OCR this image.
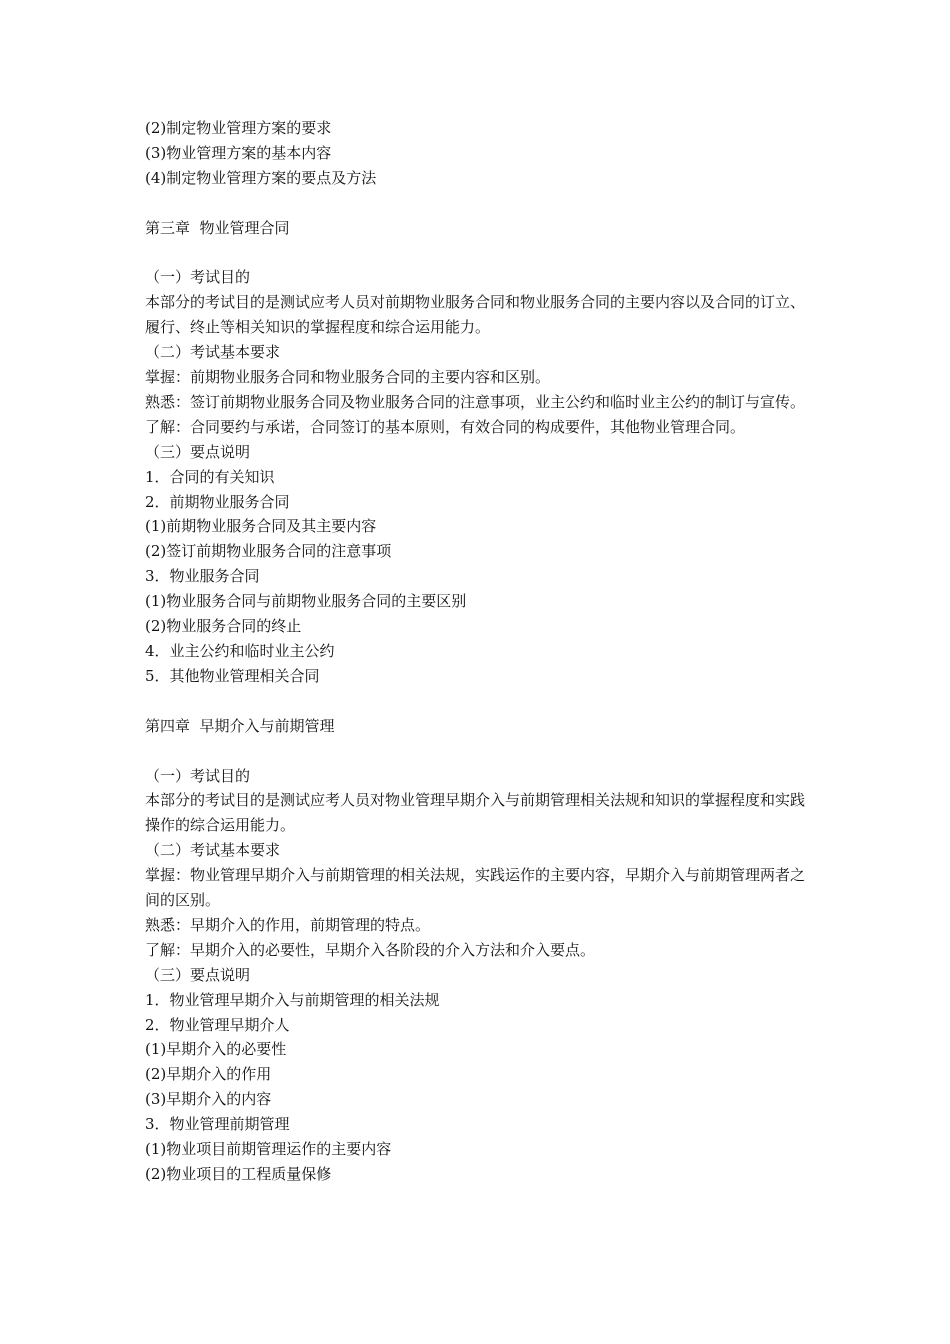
(2)制定物业管理方案的要求

(3)物业管理方案的基本内容

(4)制定物业管理方案的要点及方法

第三章  物业管理合同

（一）考试目的

本部分的考试目的是测试应考人员对前期物业服务合同和物业服务合同的主要内容以及合同的订立、履行、终止等相关知识的掌握程度和综合运用能力。

（二）考试基本要求

掌握：前期物业服务合同和物业服务合同的主要内容和区别。

熟悉：签订前期物业服务合同及物业服务合同的注意事项，业主公约和临时业主公约的制订与宣传。

了解：合同要约与承诺，合同签订的基本原则，有效合同的构成要件，其他物业管理合同。

（三）要点说明

1．合同的有关知识

2．前期物业服务合同

(1)前期物业服务合同及其主要内容

(2)签订前期物业服务合同的注意事项

3．物业服务合同

(1)物业服务合同与前期物业服务合同的主要区别

(2)物业服务合同的终止

4．业主公约和临时业主公约

5．其他物业管理相关合同

第四章  早期介入与前期管理

（一）考试目的

本部分的考试目的是测试应考人员对物业管理早期介入与前期管理相关法规和知识的掌握程度和实践操作的综合运用能力。

（二）考试基本要求

掌握：物业管理早期介入与前期管理的相关法规，实践运作的主要内容，早期介入与前期管理两者之间的区别。

熟悉：早期介入的作用，前期管理的特点。

了解：早期介入的必要性，早期介入各阶段的介入方法和介入要点。

（三）要点说明

1．物业管理早期介入与前期管理的相关法规

2．物业管理早期介人

(1)早期介入的必要性

(2)早期介入的作用

(3)早期介入的内容

3．物业管理前期管理

(1)物业项目前期管理运作的主要内容

(2)物业项目的工程质量保修
